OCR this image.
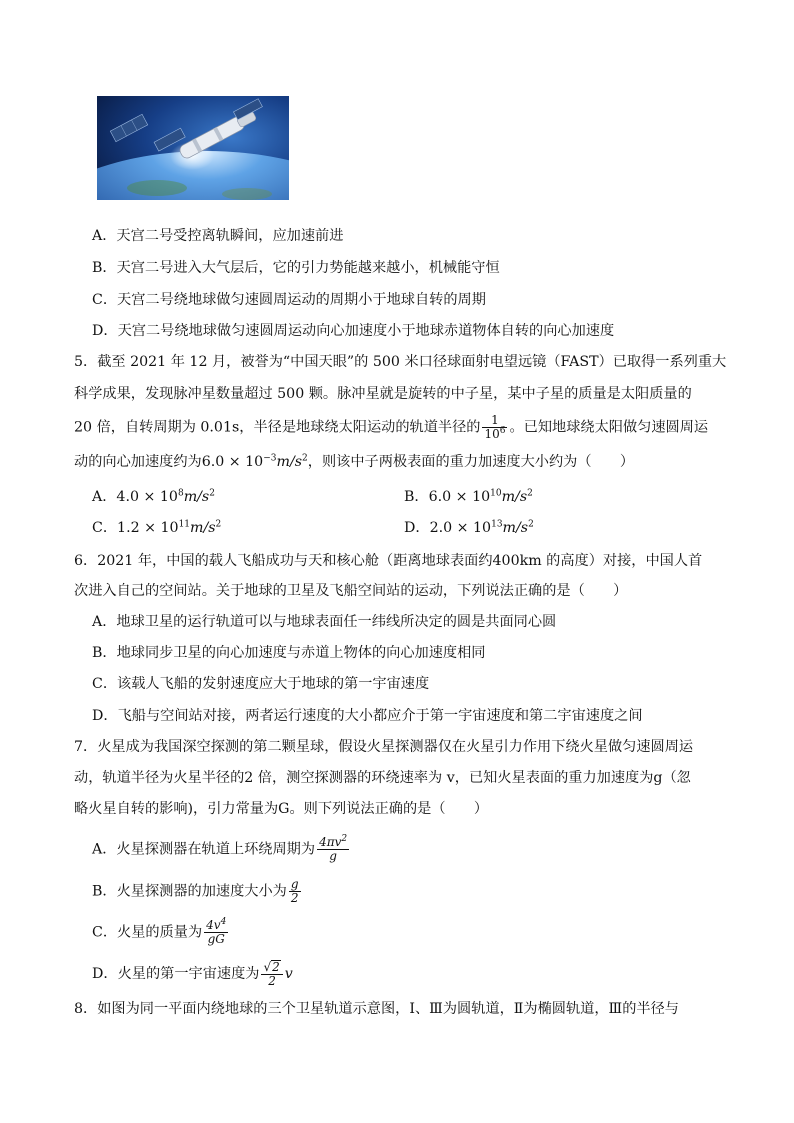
A．天宫二号受控离轨瞬间，应加速前进
B．天宫二号进入大气层后，它的引力势能越来越小，机械能守恒
C．天宫二号绕地球做匀速圆周运动的周期小于地球自转的周期
D．天宫二号绕地球做匀速圆周运动向心加速度小于地球赤道物体自转的向心加速度
5．截至 2021 年 12 月，被誉为“中国天眼”的 500 米口径球面射电望远镜（FAST）已取得一系列重大
科学成果，发现脉冲星数量超过 500 颗。脉冲星就是旋转的中子星，某中子星的质量是太阳质量的
20 倍，自转周期为 0.01s，半径是地球绕太阳运动的轨道半径的 $\frac{1}{10^6}$ 。已知地球绕太阳做匀速圆周运
动的向心加速度约为$6.0 \times 10^{-3}m/s^2$，则该中子两极表面的重力加速度大小约为（　　）
A．$4.0 \times 10^8m/s^2$	B．$6.0 \times 10^{10}m/s^2$
C．$1.2 \times 10^{11}m/s^2$	D．$2.0 \times 10^{13}m/s^2$
6．2021 年，中国的载人飞船成功与天和核心舱（距离地球表面约400km 的高度）对接，中国人首
次进入自己的空间站。关于地球的卫星及飞船空间站的运动，下列说法正确的是（　　）
A．地球卫星的运行轨道可以与地球表面任一纬线所决定的圆是共面同心圆
B．地球同步卫星的向心加速度与赤道上物体的向心加速度相同
C．该载人飞船的发射速度应大于地球的第一宇宙速度
D．飞船与空间站对接，两者运行速度的大小都应介于第一宇宙速度和第二宇宙速度之间
7．火星成为我国深空探测的第二颗星球，假设火星探测器仅在火星引力作用下绕火星做匀速圆周运
动，轨道半径为火星半径的2 倍，测空探测器的环绕速率为 v，已知火星表面的重力加速度为g（忽
略火星自转的影响)，引力常量为G。则下列说法正确的是（　　）
A．火星探测器在轨道上环绕周期为 $\frac{4\pi v^2}{g}$
B．火星探测器的加速度大小为 $\frac{g}{2}$
C．火星的质量为 $\frac{4v^4}{gG}$
D．火星的第一宇宙速度为 $\frac{√2}{2}$ v
8．如图为同一平面内绕地球的三个卫星轨道示意图，Ⅰ、Ⅲ为圆轨道，Ⅱ为椭圆轨道，Ⅲ的半径与
